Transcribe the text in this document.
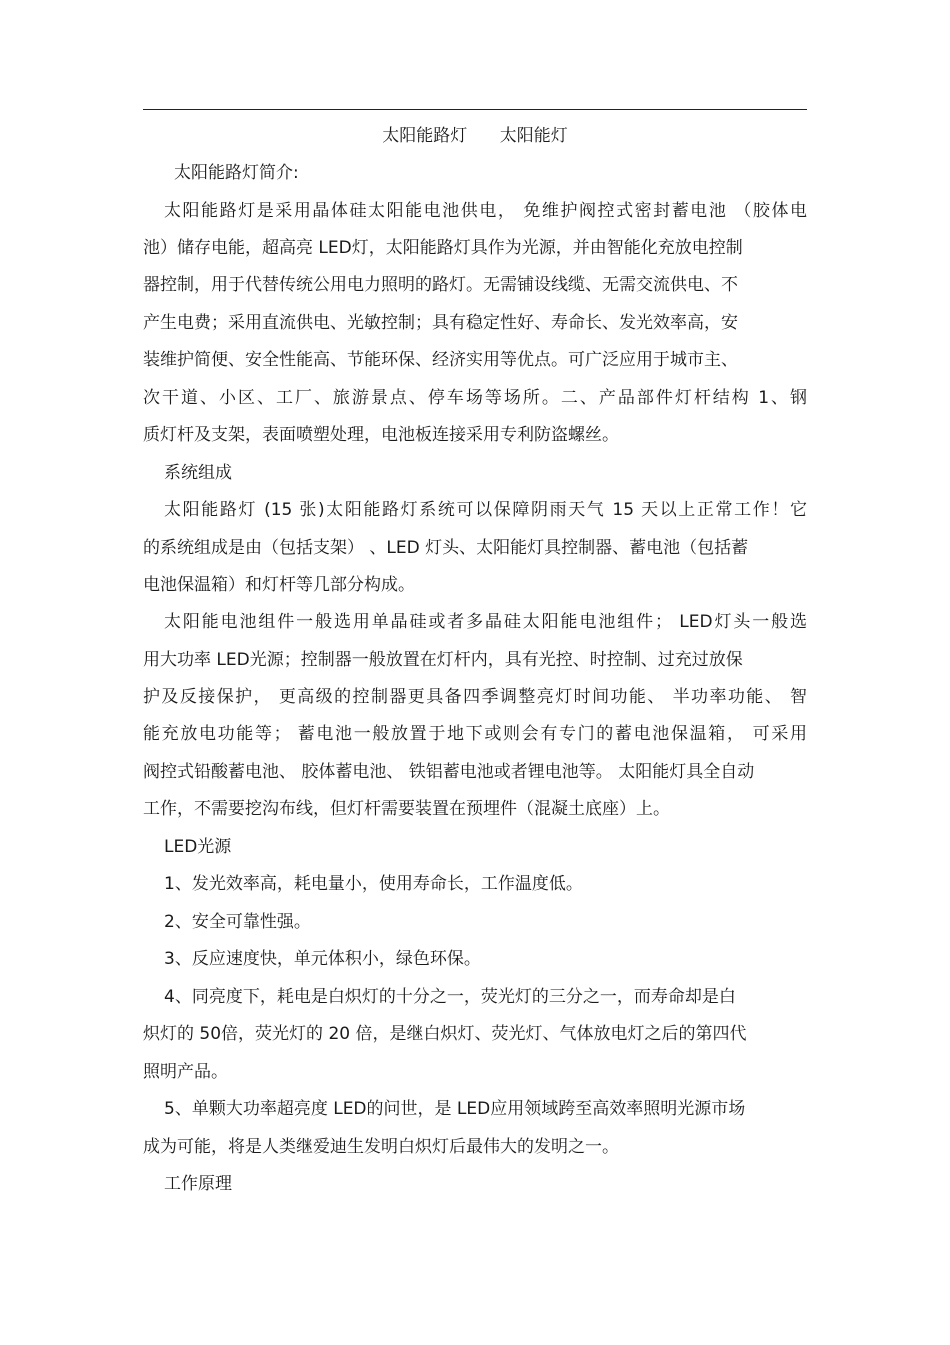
太阳能路灯      太阳能灯
太阳能路灯简介:
太阳能路灯是采用晶体硅太阳能电池供电， 免维护阀控式密封蓄电池 （胶体电
池）储存电能，超高亮 LED灯，太阳能路灯具作为光源，并由智能化充放电控制
器控制，用于代替传统公用电力照明的路灯。无需铺设线缆、无需交流供电、不
产生电费；采用直流供电、光敏控制；具有稳定性好、寿命长、发光效率高，安
装维护简便、安全性能高、节能环保、经济实用等优点。可广泛应用于城市主、
次干道、小区、工厂、旅游景点、停车场等场所。二、产品部件灯杆结构 1、钢
质灯杆及支架，表面喷塑处理，电池板连接采用专利防盗螺丝。
系统组成
太阳能路灯 (15 张)太阳能路灯系统可以保障阴雨天气 15 天以上正常工作！它
的系统组成是由（包括支架） 、LED 灯头、太阳能灯具控制器、蓄电池（包括蓄
电池保温箱）和灯杆等几部分构成。
太阳能电池组件一般选用单晶硅或者多晶硅太阳能电池组件； LED灯头一般选
用大功率 LED光源；控制器一般放置在灯杆内，具有光控、时控制、过充过放保
护及反接保护， 更高级的控制器更具备四季调整亮灯时间功能、 半功率功能、 智
能充放电功能等； 蓄电池一般放置于地下或则会有专门的蓄电池保温箱， 可采用
阀控式铅酸蓄电池、 胶体蓄电池、 铁铝蓄电池或者锂电池等。 太阳能灯具全自动
工作，不需要挖沟布线，但灯杆需要装置在预埋件（混凝土底座）上。
LED光源
1、发光效率高，耗电量小，使用寿命长，工作温度低。
2、安全可靠性强。
3、反应速度快，单元体积小，绿色环保。
4、同亮度下，耗电是白炽灯的十分之一，荧光灯的三分之一，而寿命却是白
炽灯的 50倍，荧光灯的 20 倍，是继白炽灯、荧光灯、气体放电灯之后的第四代
照明产品。
5、单颗大功率超亮度 LED的问世，是 LED应用领域跨至高效率照明光源市场
成为可能，将是人类继爱迪生发明白炽灯后最伟大的发明之一。
工作原理
